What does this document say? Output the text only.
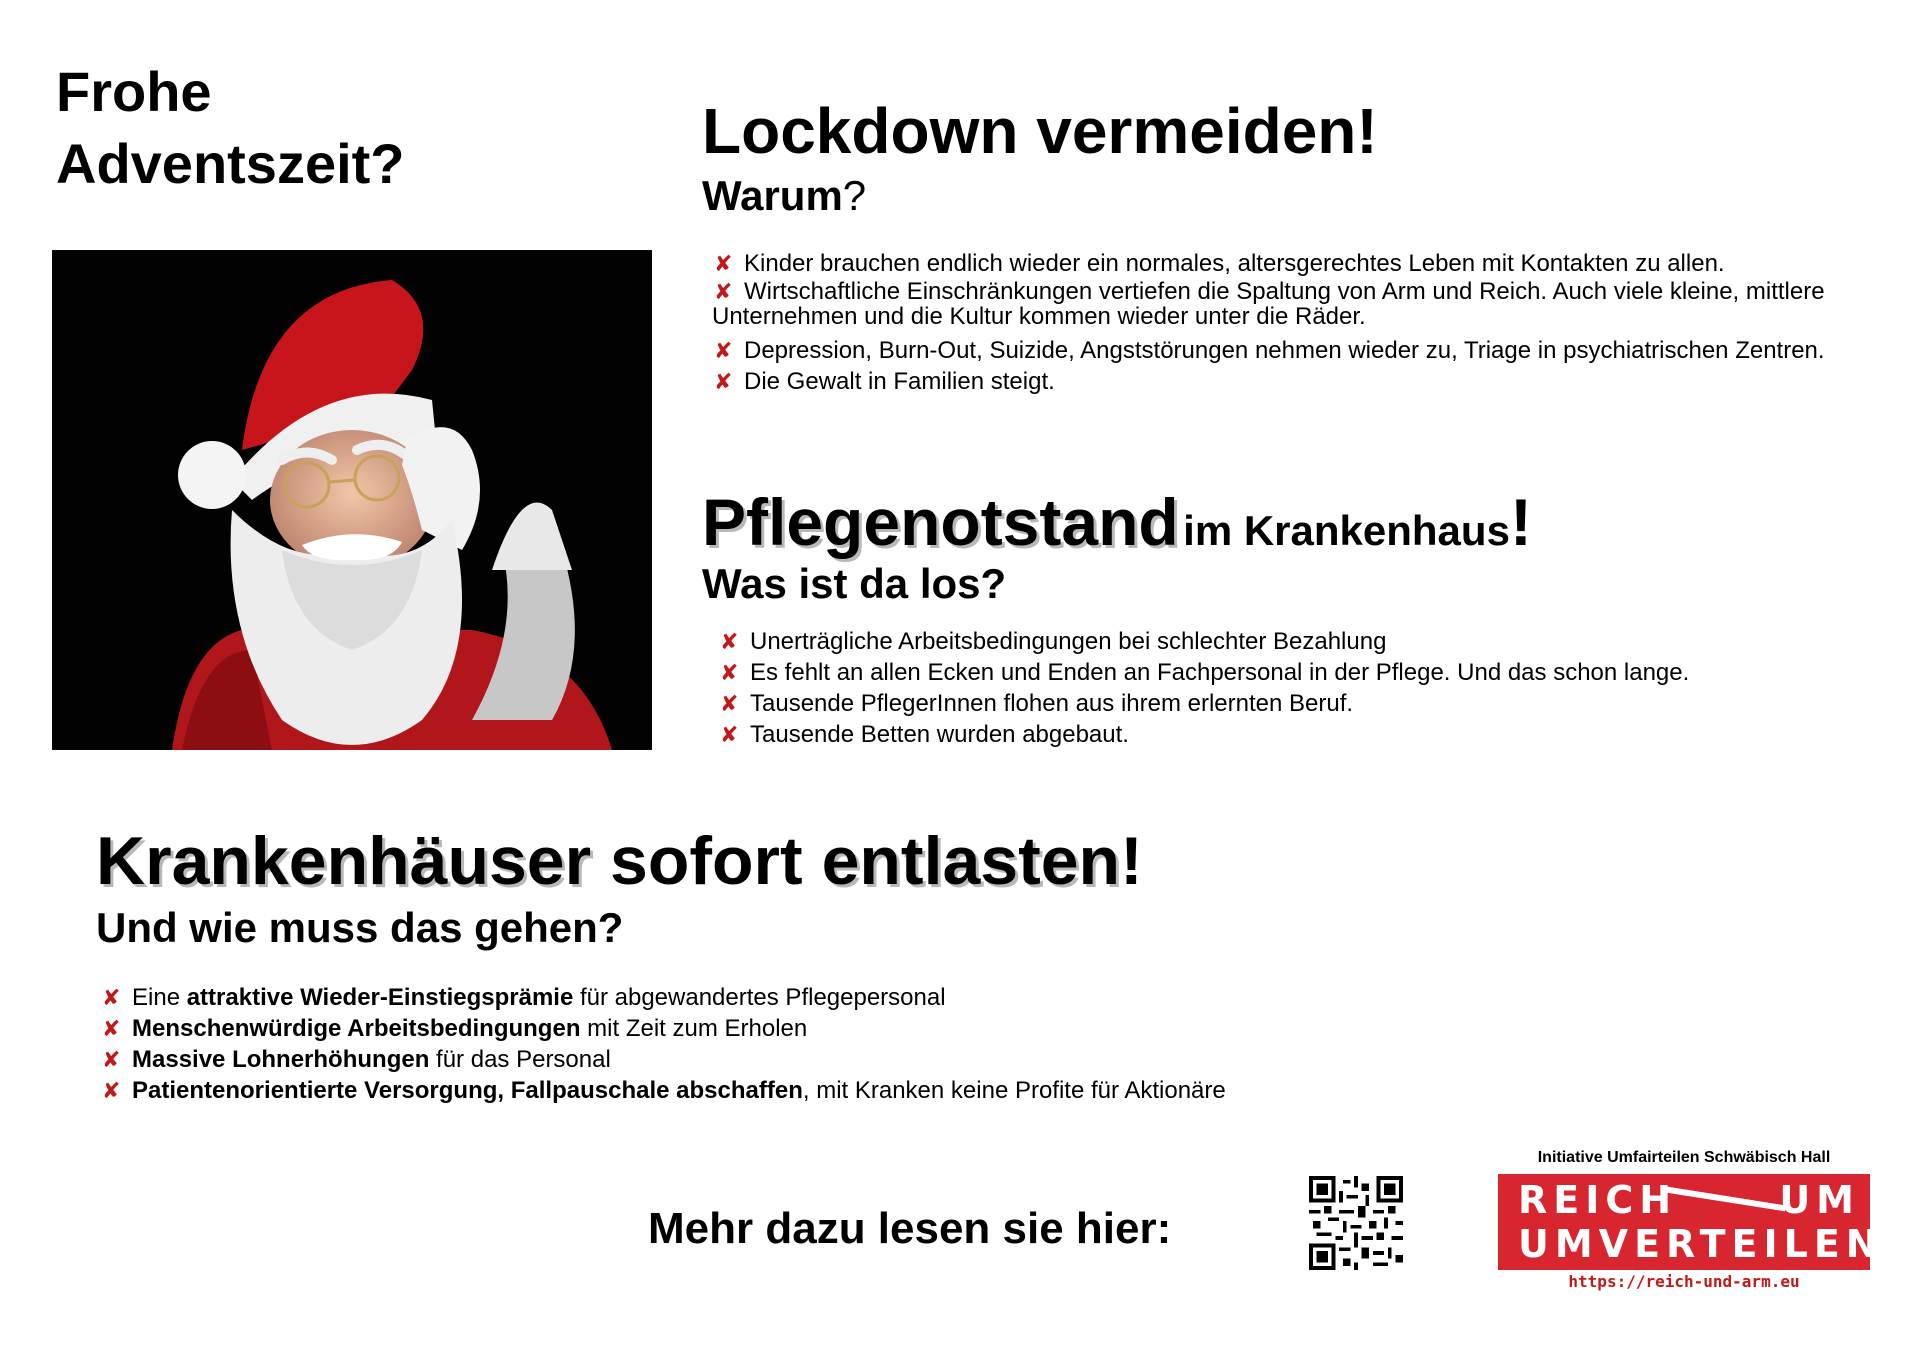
Frohe
Adventszeit?	Lockdown vermeiden!
Warum?
✘ Kinder brauchen endlich wieder ein normales, altersgerechtes Leben mit Kontakten zu allen.
✘ Wirtschaftliche Einschränkungen vertiefen die Spaltung von Arm und Reich. Auch viele kleine, mittlere
Unternehmen und die Kultur kommen wieder unter die Räder.
✘ Depression, Burn-Out, Suizide, Angststörungen nehmen wieder zu, Triage in psychiatrischen Zentren.
✘ Die Gewalt in Familien steigt.
Pflegenotstand im Krankenhaus!
Was ist da los?
✘ Unerträgliche Arbeitsbedingungen bei schlechter Bezahlung
✘ Es fehlt an allen Ecken und Enden an Fachpersonal in der Pflege. Und das schon lange.
✘ Tausende PflegerInnen flohen aus ihrem erlernten Beruf.
✘ Tausende Betten wurden abgebaut.
Krankenhäuser sofort entlasten!
Und wie muss das gehen?
✘ Eine attraktive Wieder-Einstiegsprämie für abgewandertes Pflegepersonal
✘ Menschenwürdige Arbeitsbedingungen mit Zeit zum Erholen
✘ Massive Lohnerhöhungen für das Personal
✘ Patientenorientierte Versorgung, Fallpauschale abschaffen, mit Kranken keine Profite für Aktionäre
Mehr dazu lesen sie hier:
Initiative Umfairteilen Schwäbisch Hall
REICH	UM
UMVERTEILEN
https://reich-und-arm.eu
